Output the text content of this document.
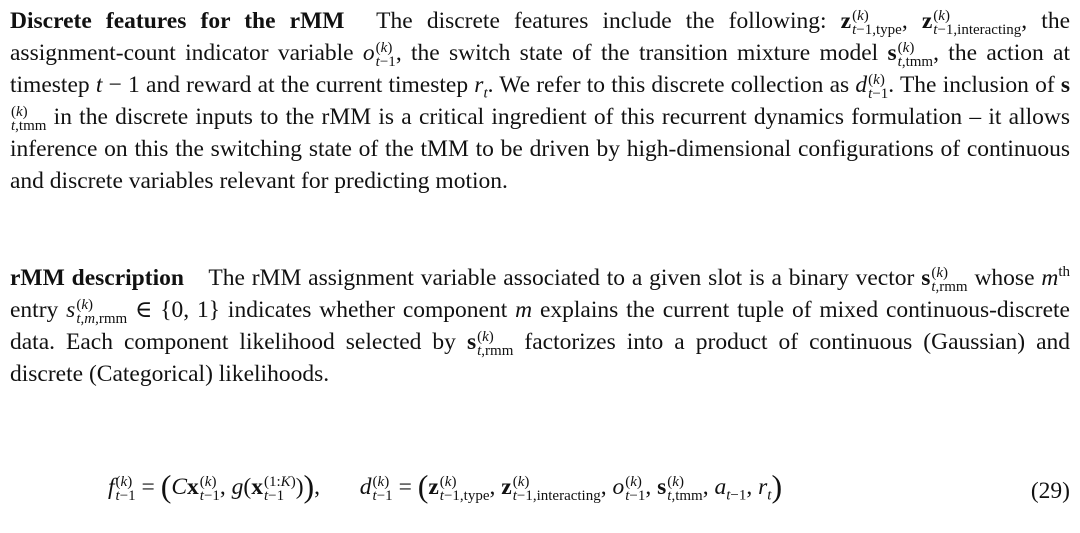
Discrete features for the rMM The discrete features include the following: z (k)
t−1,type , z (k)
t−1,interacting , the assignment-count indicator variable o (k)
t−1 , the switch state of the transition mixture model s (k)
t,tmm , the action at timestep t − 1 and reward at the current timestep $r_t$. We refer to this discrete collection as d (k)
t−1 . The inclusion of s
(k)
t,tmm in the discrete inputs to the rMM is a critical ingredient of this recurrent dynamics formulation – it allows inference on this the switching state of the tMM to be driven by high-dimensional configurations of continuous and discrete variables relevant for predicting motion.

rMM description The rMM assignment variable associated to a given slot is a binary vector s (k)
t,rmm whose $m^{th}$ entry s (k)
t,m,rmm ∈ {0, 1} indicates whether component m explains the current tuple of mixed continuous-discrete data. Each component likelihood selected by s (k)
t,rmm factorizes into a product of continuous (Gaussian) and discrete (Categorical) likelihoods.

f (k)
t−1 = (Cx (k)
t−1 , g(x (1:K)
t−1 )),  d (k)
t−1 = (z (k)
t−1,type , z (k)
t−1,interacting , o (k)
t−1 , s (k)
t,tmm , $a_{t-1}$, $r_t$)	(29)
